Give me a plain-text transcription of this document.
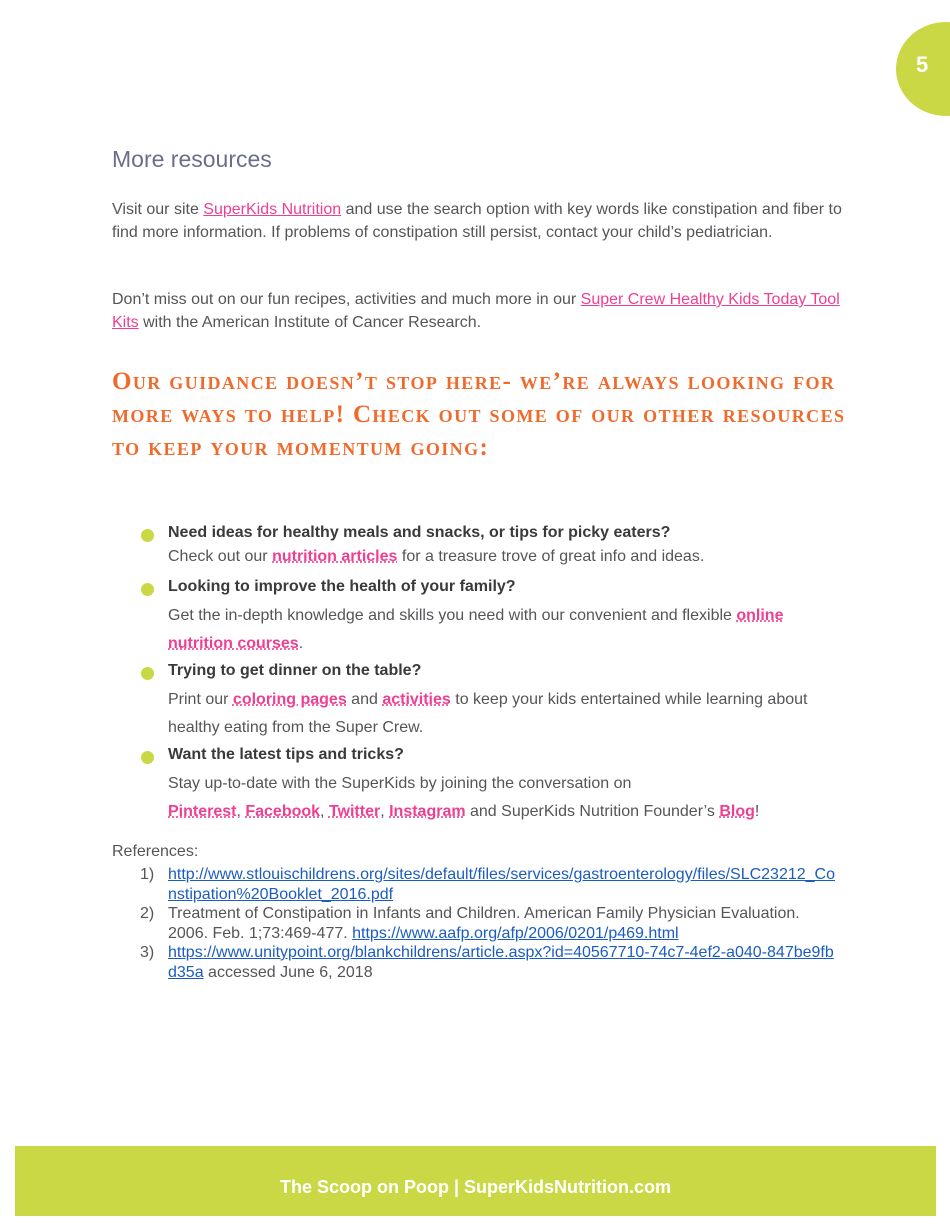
5
More resources

Visit our site SuperKids Nutrition and use the search option with key words like constipation and fiber to find more information. If problems of constipation still persist, contact your child’s pediatrician.

Don’t miss out on our fun recipes, activities and much more in our Super Crew Healthy Kids Today Tool Kits with the American Institute of Cancer Research.

Our guidance doesn’t stop here- we’re always looking for more ways to help! Check out some of our other resources to keep your momentum going:

Need ideas for healthy meals and snacks, or tips for picky eaters?

Check out our nutrition articles for a treasure trove of great info and ideas.

Looking to improve the health of your family?

Get the in-depth knowledge and skills you need with our convenient and flexible online nutrition courses.

Trying to get dinner on the table?

Print our coloring pages and activities to keep your kids entertained while learning about healthy eating from the Super Crew.

Want the latest tips and tricks?

Stay up-to-date with the SuperKids by joining the conversation on
Pinterest, Facebook, Twitter, Instagram and SuperKids Nutrition Founder’s Blog!

References:

1) http://www.stlouischildrens.org/sites/default/files/services/gastroenterology/files/SLC23212_Constipation%20Booklet_2016.pdf
2) Treatment of Constipation in Infants and Children. American Family Physician Evaluation. 2006. Feb. 1;73:469-477. https://www.aafp.org/afp/2006/0201/p469.html
3) https://www.unitypoint.org/blankchildrens/article.aspx?id=40567710-74c7-4ef2-a040-847be9fbd35a accessed June 6, 2018
The Scoop on Poop | SuperKidsNutrition.com
